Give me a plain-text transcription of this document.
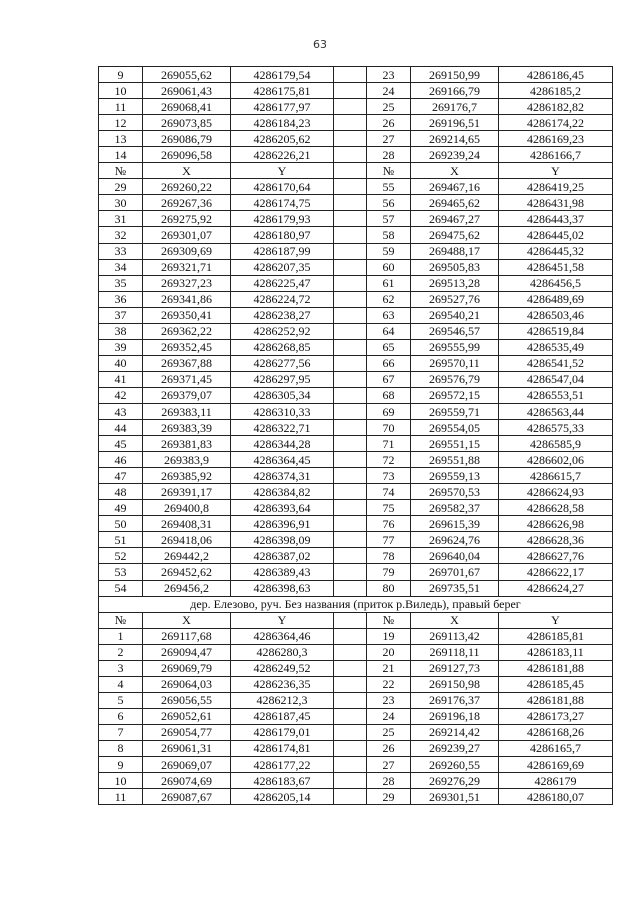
63
9	269055,62	4286179,54		23	269150,99	4286186,45
10	269061,43	4286175,81		24	269166,79	4286185,2
11	269068,41	4286177,97		25	269176,7	4286182,82
12	269073,85	4286184,23		26	269196,51	4286174,22
13	269086,79	4286205,62		27	269214,65	4286169,23
14	269096,58	4286226,21		28	269239,24	4286166,7
№	X	Y		№	X	Y
29	269260,22	4286170,64		55	269467,16	4286419,25
30	269267,36	4286174,75		56	269465,62	4286431,98
31	269275,92	4286179,93		57	269467,27	4286443,37
32	269301,07	4286180,97		58	269475,62	4286445,02
33	269309,69	4286187,99		59	269488,17	4286445,32
34	269321,71	4286207,35		60	269505,83	4286451,58
35	269327,23	4286225,47		61	269513,28	4286456,5
36	269341,86	4286224,72		62	269527,76	4286489,69
37	269350,41	4286238,27		63	269540,21	4286503,46
38	269362,22	4286252,92		64	269546,57	4286519,84
39	269352,45	4286268,85		65	269555,99	4286535,49
40	269367,88	4286277,56		66	269570,11	4286541,52
41	269371,45	4286297,95		67	269576,79	4286547,04
42	269379,07	4286305,34		68	269572,15	4286553,51
43	269383,11	4286310,33		69	269559,71	4286563,44
44	269383,39	4286322,71		70	269554,05	4286575,33
45	269381,83	4286344,28		71	269551,15	4286585,9
46	269383,9	4286364,45		72	269551,88	4286602,06
47	269385,92	4286374,31		73	269559,13	4286615,7
48	269391,17	4286384,82		74	269570,53	4286624,93
49	269400,8	4286393,64		75	269582,37	4286628,58
50	269408,31	4286396,91		76	269615,39	4286626,98
51	269418,06	4286398,09		77	269624,76	4286628,36
52	269442,2	4286387,02		78	269640,04	4286627,76
53	269452,62	4286389,43		79	269701,67	4286622,17
54	269456,2	4286398,63		80	269735,51	4286624,27
дер. Елезово, руч. Без названия (приток р.Виледь), правый берег						
№	X	Y		№	X	Y
1	269117,68	4286364,46		19	269113,42	4286185,81
2	269094,47	4286280,3		20	269118,11	4286183,11
3	269069,79	4286249,52		21	269127,73	4286181,88
4	269064,03	4286236,35		22	269150,98	4286185,45
5	269056,55	4286212,3		23	269176,37	4286181,88
6	269052,61	4286187,45		24	269196,18	4286173,27
7	269054,77	4286179,01		25	269214,42	4286168,26
8	269061,31	4286174,81		26	269239,27	4286165,7
9	269069,07	4286177,22		27	269260,55	4286169,69
10	269074,69	4286183,67		28	269276,29	4286179
11	269087,67	4286205,14		29	269301,51	4286180,07
